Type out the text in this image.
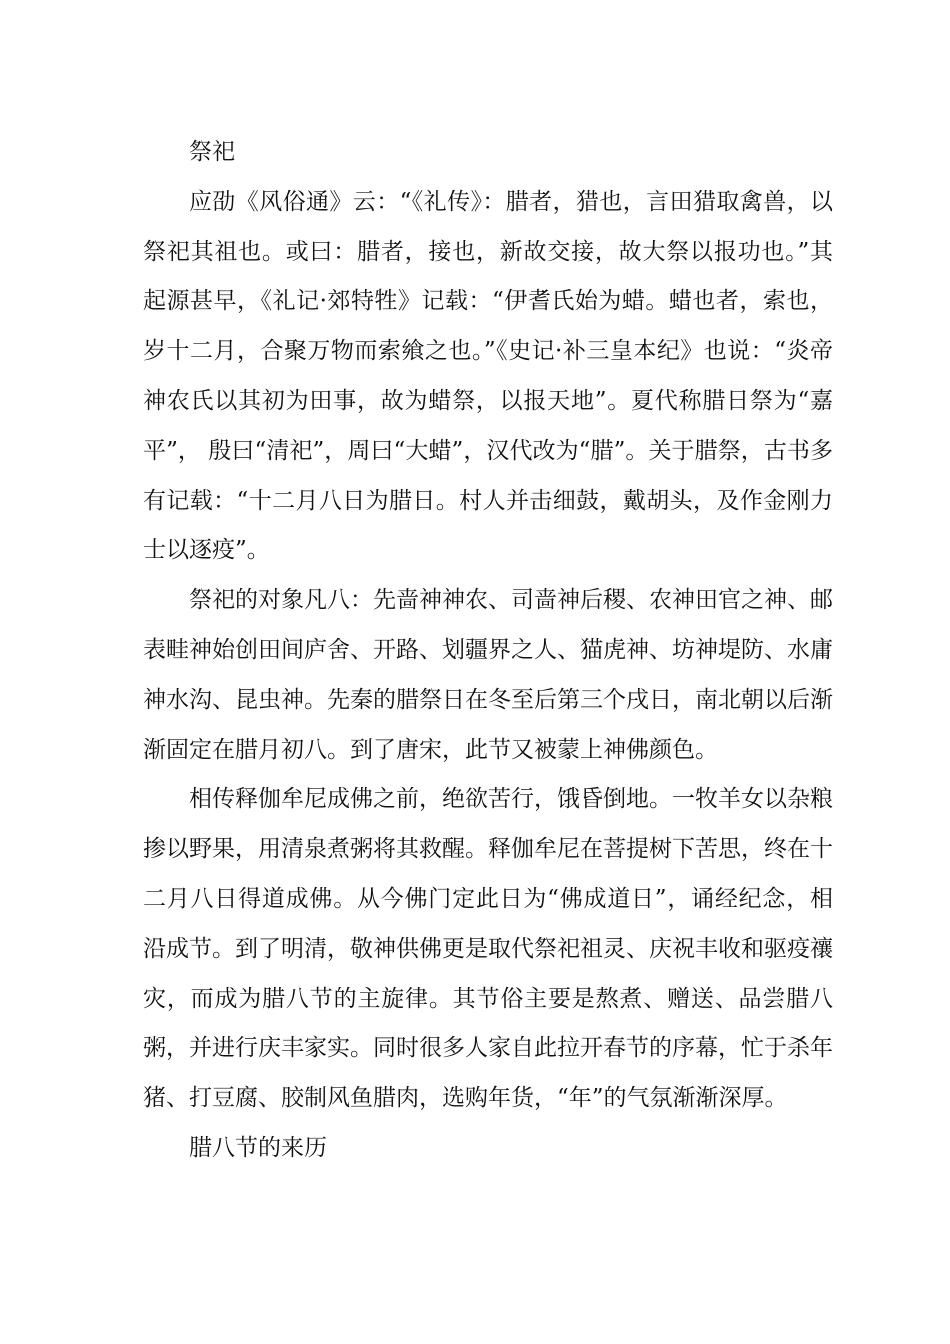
祭祀

应劭《风俗通》云：“《礼传》：腊者，猎也，言田猎取禽兽，以祭祀其祖也。或曰：腊者，接也，新故交接，故大祭以报功也。”其起源甚早，《礼记·郊特牲》记载：“伊耆氏始为蜡。蜡也者，索也，岁十二月，合聚万物而索飨之也。”《史记·补三皇本纪》也说：“炎帝神农氏以其初为田事，故为蜡祭，以报天地”。夏代称腊日祭为“嘉平”， 殷曰“清祀”，周曰“大蜡”，汉代改为“腊”。关于腊祭，古书多有记载：“十二月八日为腊日。村人并击细鼓，戴胡头，及作金刚力士以逐疫”。

祭祀的对象凡八：先啬神神农、司啬神后稷、农神田官之神、邮表畦神始创田间庐舍、开路、划疆界之人、猫虎神、坊神堤防、水庸神水沟、昆虫神。先秦的腊祭日在冬至后第三个戌日，南北朝以后渐渐固定在腊月初八。到了唐宋，此节又被蒙上神佛颜色。

相传释伽牟尼成佛之前，绝欲苦行，饿昏倒地。一牧羊女以杂粮掺以野果，用清泉煮粥将其救醒。释伽牟尼在菩提树下苦思，终在十二月八日得道成佛。从今佛门定此日为“佛成道日”，诵经纪念，相沿成节。到了明清，敬神供佛更是取代祭祀祖灵、庆祝丰收和驱疫禳灾，而成为腊八节的主旋律。其节俗主要是熬煮、赠送、品尝腊八粥，并进行庆丰家实。同时很多人家自此拉开春节的序幕，忙于杀年猪、打豆腐、胶制风鱼腊肉，选购年货，“年”的气氛渐渐深厚。

腊八节的来历
